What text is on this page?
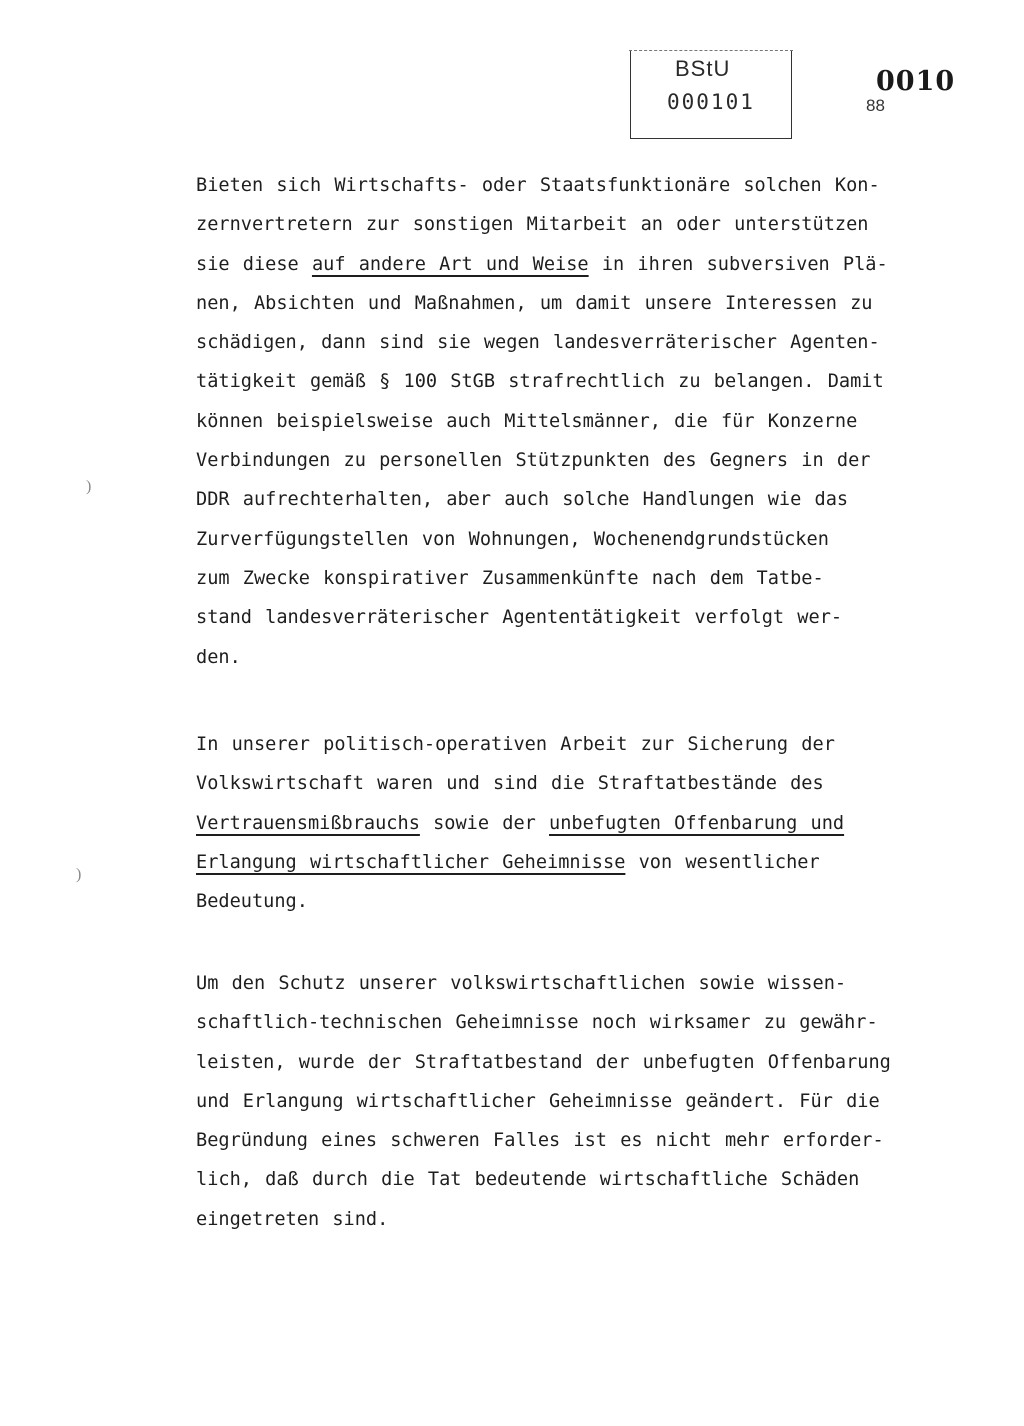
BStU
000101
0010
88
)
)
Bieten sich Wirtschafts- oder Staatsfunktionäre solchen Kon-
zernvertretern zur sonstigen Mitarbeit an oder unterstützen
sie diese auf andere Art und Weise in ihren subversiven Plä-
nen, Absichten und Maßnahmen, um damit unsere Interessen zu
schädigen, dann sind sie wegen landesverräterischer Agenten-
tätigkeit gemäß § 100 StGB strafrechtlich zu belangen. Damit
können beispielsweise auch Mittelsmänner, die für Konzerne
Verbindungen zu personellen Stützpunkten des Gegners in der
DDR aufrechterhalten, aber auch solche Handlungen wie das
Zurverfügungstellen von Wohnungen, Wochenendgrundstücken
zum Zwecke konspirativer Zusammenkünfte nach dem Tatbe-
stand landesverräterischer Agententätigkeit verfolgt wer-
den.
In unserer politisch-operativen Arbeit zur Sicherung der
Volkswirtschaft waren und sind die Straftatbestände des
Vertrauensmißbrauchs sowie der unbefugten Offenbarung und
Erlangung wirtschaftlicher Geheimnisse von wesentlicher
Bedeutung.
Um den Schutz unserer volkswirtschaftlichen sowie wissen-
schaftlich-technischen Geheimnisse noch wirksamer zu gewähr-
leisten, wurde der Straftatbestand der unbefugten Offenbarung
und Erlangung wirtschaftlicher Geheimnisse geändert. Für die
Begründung eines schweren Falles ist es nicht mehr erforder-
lich, daß durch die Tat bedeutende wirtschaftliche Schäden
eingetreten sind.
